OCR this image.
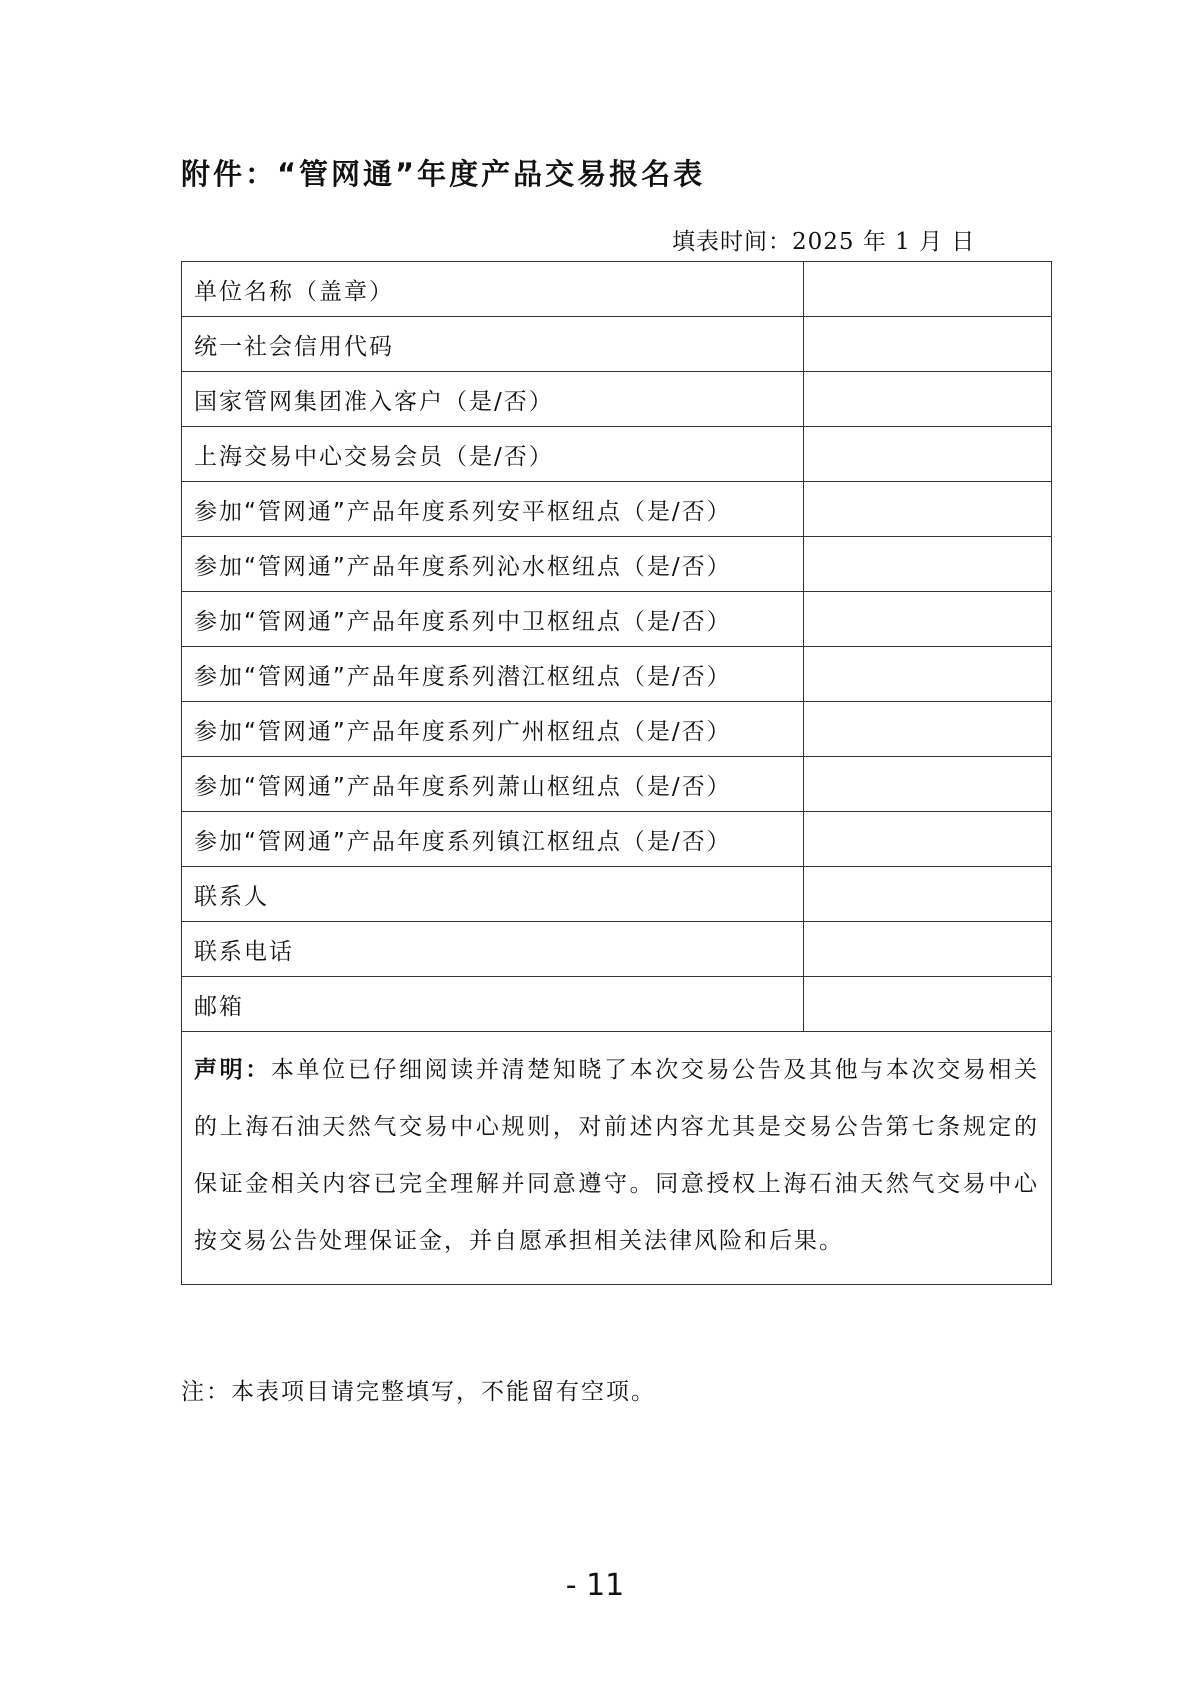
附件：“管网通”年度产品交易报名表
填表时间：2025 年 1 月 日
单位名称（盖章）	
统一社会信用代码	
国家管网集团准入客户（是/否）	
上海交易中心交易会员（是/否）	
参加“管网通”产品年度系列安平枢纽点（是/否）	
参加“管网通”产品年度系列沁水枢纽点（是/否）	
参加“管网通”产品年度系列中卫枢纽点（是/否）	
参加“管网通”产品年度系列潜江枢纽点（是/否）	
参加“管网通”产品年度系列广州枢纽点（是/否）	
参加“管网通”产品年度系列萧山枢纽点（是/否）	
参加“管网通”产品年度系列镇江枢纽点（是/否）	
联系人	
联系电话	
邮箱	
声明：本单位已仔细阅读并清楚知晓了本次交易公告及其他与本次交易相关的上海石油天然气交易中心规则，对前述内容尤其是交易公告第七条规定的保证金相关内容已完全理解并同意遵守。同意授权上海石油天然气交易中心按交易公告处理保证金，并自愿承担相关法律风险和后果。	
注：本表项目请完整填写，不能留有空项。
- 11
